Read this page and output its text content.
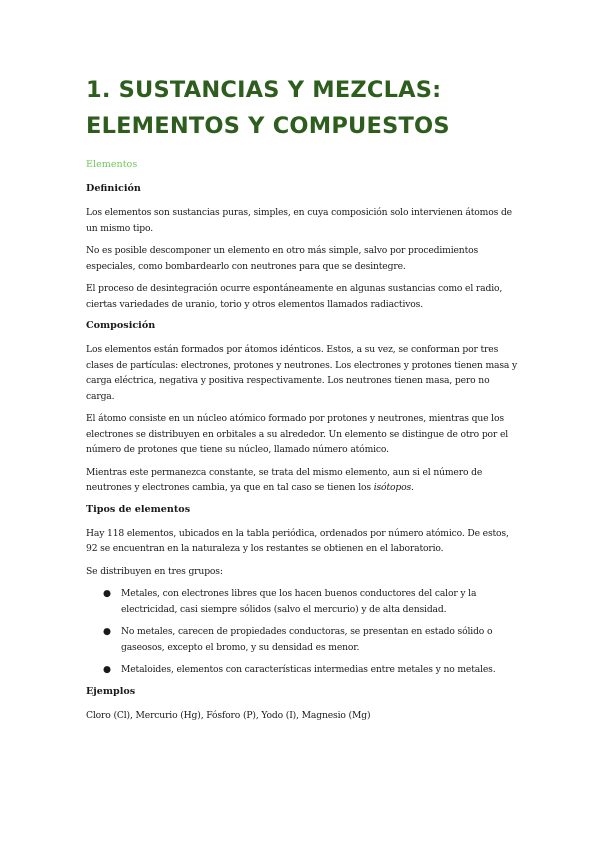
1. SUSTANCIAS Y MEZCLAS:
ELEMENTOS Y COMPUESTOS
Elementos
Definición

Los elementos son sustancias puras, simples, en cuya composición solo intervienen átomos de un mismo tipo.

No es posible descomponer un elemento en otro más simple, salvo por procedimientos especiales, como bombardearlo con neutrones para que se desintegre.

El proceso de desintegración ocurre espontáneamente en algunas sustancias como el radio, ciertas variedades de uranio, torio y otros elementos llamados radiactivos.

Composición

Los elementos están formados por átomos idénticos. Estos, a su vez, se conforman por tres clases de partículas: electrones, protones y neutrones. Los electrones y protones tienen masa y carga eléctrica, negativa y positiva respectivamente. Los neutrones tienen masa, pero no carga.

El átomo consiste en un núcleo atómico formado por protones y neutrones, mientras que los electrones se distribuyen en orbitales a su alrededor. Un elemento se distingue de otro por el número de protones que tiene su núcleo, llamado número atómico.

Mientras este permanezca constante, se trata del mismo elemento, aun si el número de neutrones y electrones cambia, ya que en tal caso se tienen los isótopos.

Tipos de elementos

Hay 118 elementos, ubicados en la tabla periódica, ordenados por número atómico. De estos, 92 se encuentran en la naturaleza y los restantes se obtienen en el laboratorio.

Se distribuyen en tres grupos:

● Metales, con electrones libres que los hacen buenos conductores del calor y la electricidad, casi siempre sólidos (salvo el mercurio) y de alta densidad.
● No metales, carecen de propiedades conductoras, se presentan en estado sólido o gaseosos, excepto el bromo, y su densidad es menor.
● Metaloides, elementos con características intermedias entre metales y no metales.
Ejemplos

Cloro (Cl), Mercurio (Hg), Fósforo (P), Yodo (I), Magnesio (Mg)
